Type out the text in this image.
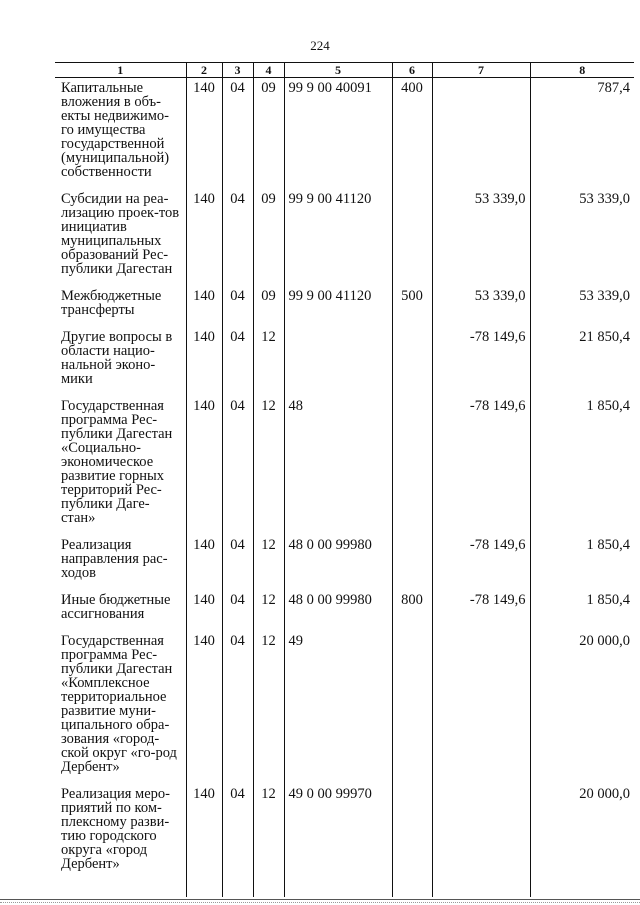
224
1	2	3	4	5	6	7	8
Капитальные вложения в объ-екты недвижимо-го имущества государственной (муниципальной) собственности	140	04	09	99 9 00 40091	400		787,4
Субсидии на реа-лизацию проек-тов инициатив муниципальных образований Рес-публики Дагестан	140	04	09	99 9 00 41120		53 339,0	53 339,0
Межбюджетные трансферты	140	04	09	99 9 00 41120	500	53 339,0	53 339,0
Другие вопросы в области нацио-нальной эконо-мики	140	04	12			-78 149,6	21 850,4
Государственная программа Рес-публики Дагестан «Социально-экономическое развитие горных территорий Рес-публики Даге-стан»	140	04	12	48		-78 149,6	1 850,4
Реализация направления рас-ходов	140	04	12	48 0 00 99980		-78 149,6	1 850,4
Иные бюджетные ассигнования	140	04	12	48 0 00 99980	800	-78 149,6	1 850,4
Государственная программа Рес-публики Дагестан «Комплексное территориальное развитие муни-ципального обра-зования «город-ской округ «го-род Дербент»	140	04	12	49			20 000,0
Реализация меро-приятий по ком-плексному разви-тию городского округа «город Дербент»	140	04	12	49 0 00 99970			20 000,0
